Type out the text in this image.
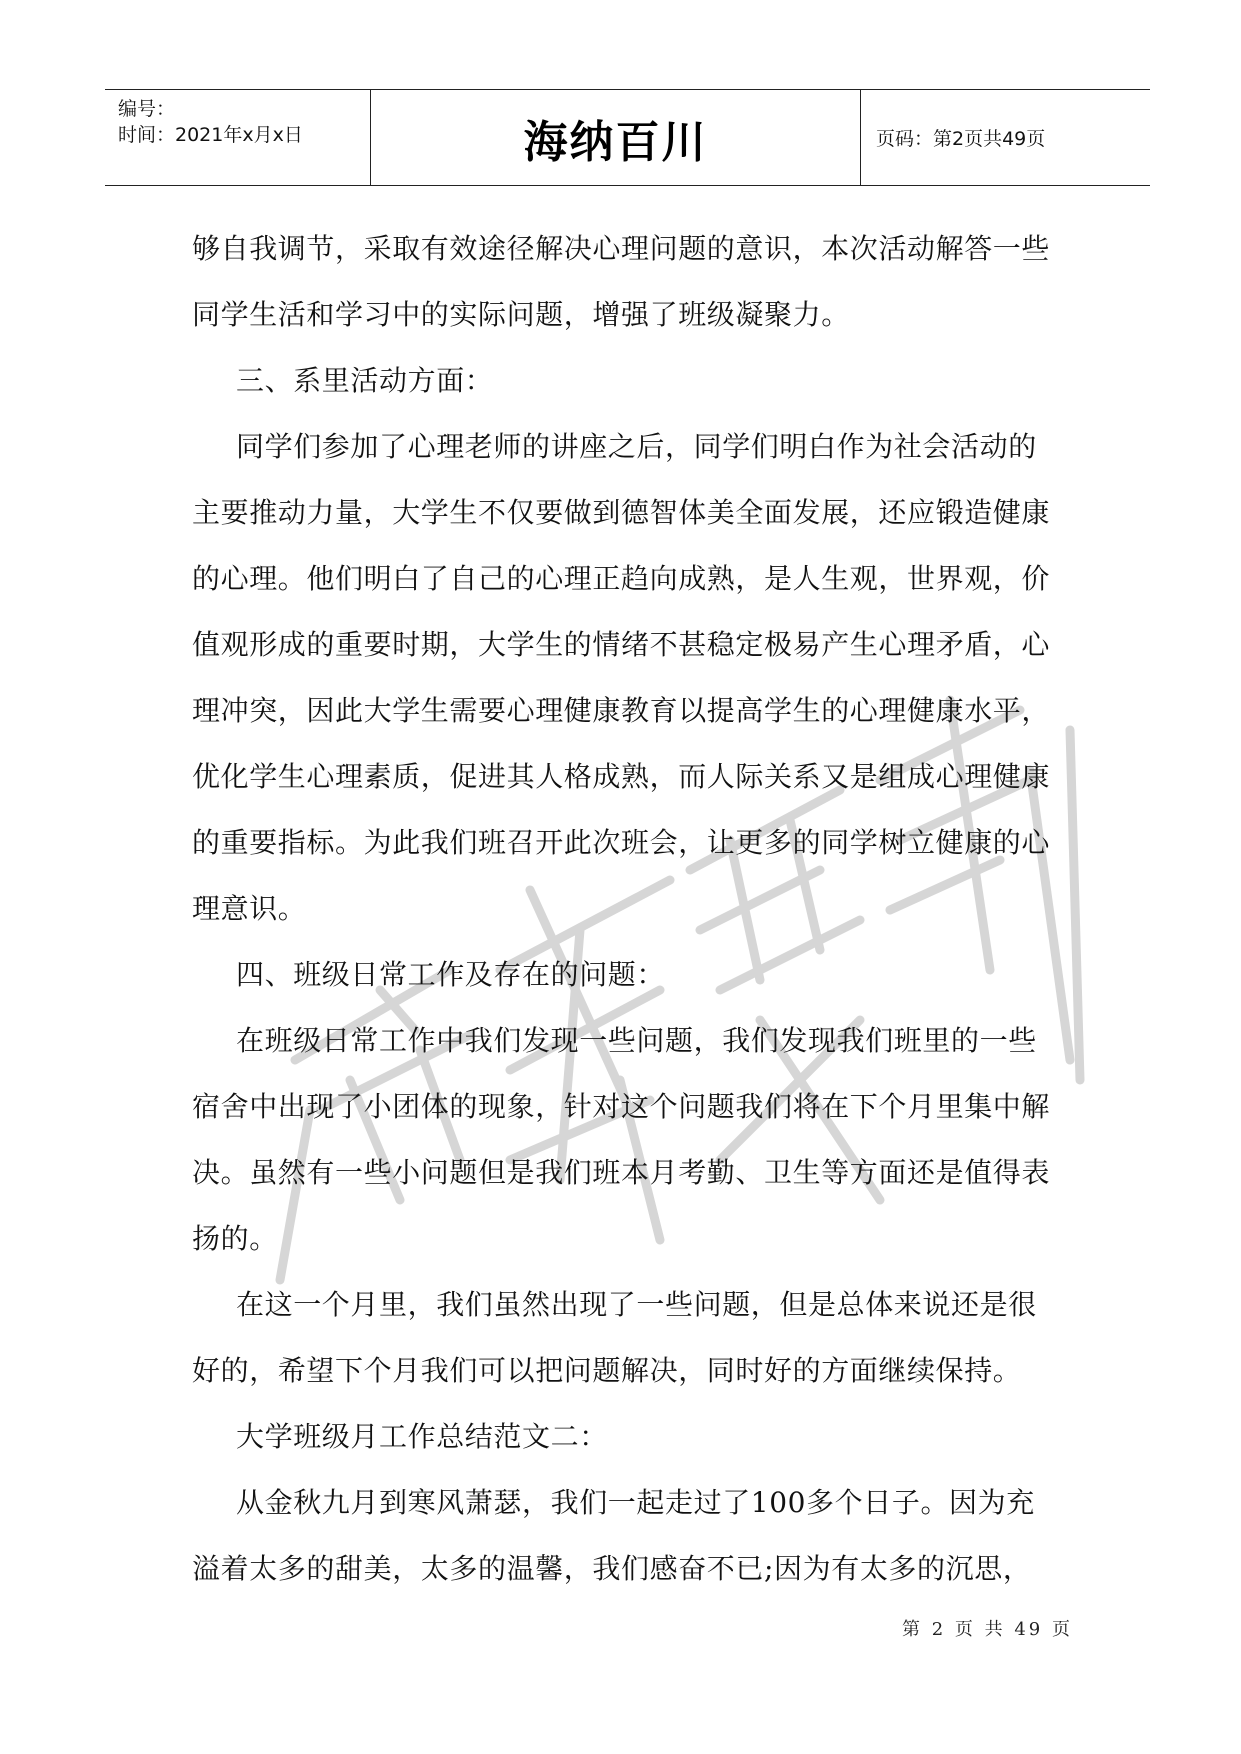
编号：
时间：2021年x月x日	海纳百川	页码：第2页共49页

够自我调节，采取有效途径解决心理问题的意识，本次活动解答一些

同学生活和学习中的实际问题，增强了班级凝聚力。

三、系里活动方面：

同学们参加了心理老师的讲座之后，同学们明白作为社会活动的

主要推动力量，大学生不仅要做到德智体美全面发展，还应锻造健康

的心理。他们明白了自己的心理正趋向成熟，是人生观，世界观，价

值观形成的重要时期，大学生的情绪不甚稳定极易产生心理矛盾，心

理冲突，因此大学生需要心理健康教育以提高学生的心理健康水平，

优化学生心理素质，促进其人格成熟，而人际关系又是组成心理健康

的重要指标。为此我们班召开此次班会，让更多的同学树立健康的心

理意识。

四、班级日常工作及存在的问题：

在班级日常工作中我们发现一些问题，我们发现我们班里的一些

宿舍中出现了小团体的现象，针对这个问题我们将在下个月里集中解

决。虽然有一些小问题但是我们班本月考勤、卫生等方面还是值得表

扬的。

在这一个月里，我们虽然出现了一些问题，但是总体来说还是很

好的，希望下个月我们可以把问题解决，同时好的方面继续保持。

大学班级月工作总结范文二：

从金秋九月到寒风萧瑟，我们一起走过了100多个日子。因为充

溢着太多的甜美，太多的温馨，我们感奋不已;因为有太多的沉思，

第 2 页 共 49 页
